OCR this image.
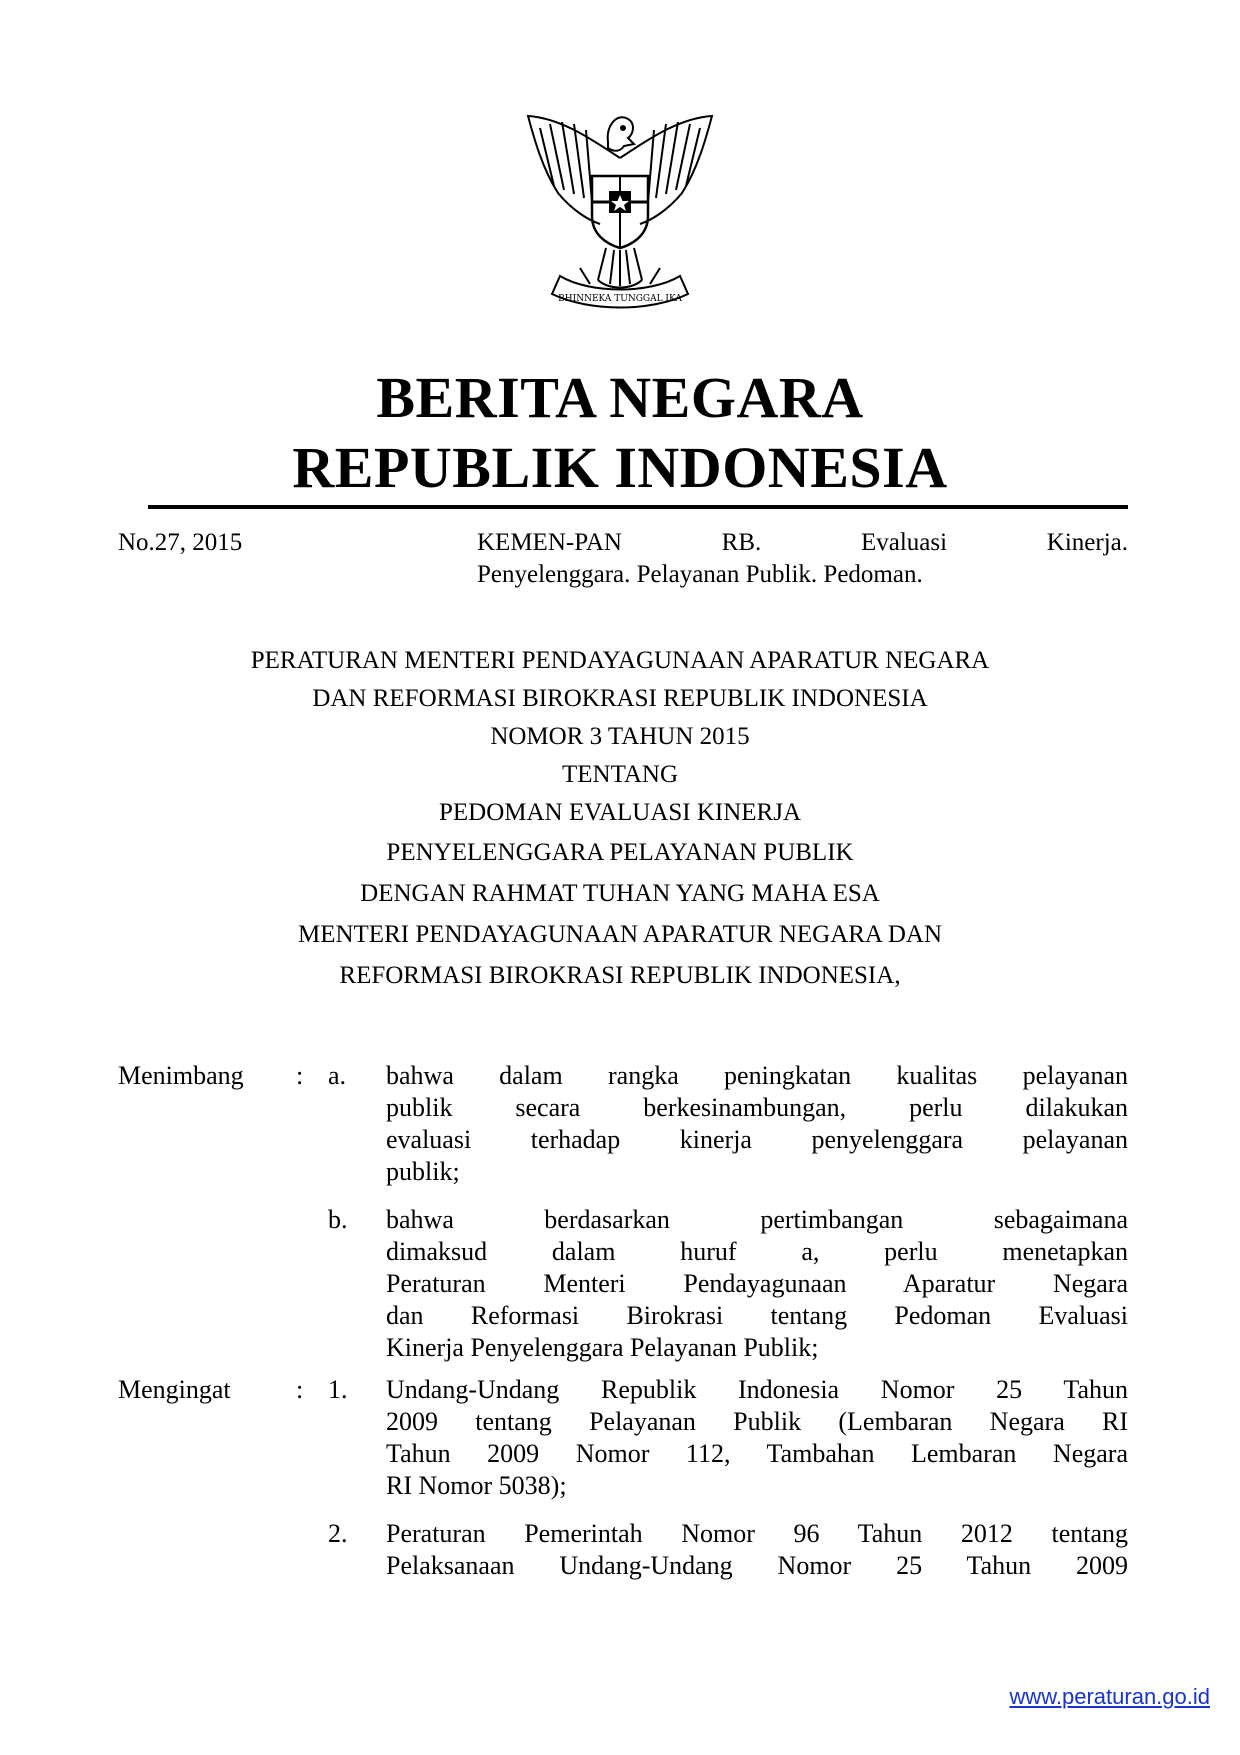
BHINNEKA TUNGGAL IKA
BERITA NEGARA
REPUBLIK INDONESIA
No.27, 2015	KEMEN-PAN	RB.	Evaluasi	Kinerja.
Penyelenggara. Pelayanan Publik. Pedoman.
PERATURAN MENTERI PENDAYAGUNAAN APARATUR NEGARA
DAN REFORMASI BIROKRASI REPUBLIK INDONESIA
NOMOR 3 TAHUN 2015
TENTANG
PEDOMAN EVALUASI KINERJA
PENYELENGGARA PELAYANAN PUBLIK
DENGAN RAHMAT TUHAN YANG MAHA ESA
MENTERI PENDAYAGUNAAN APARATUR NEGARA DAN
REFORMASI BIROKRASI REPUBLIK INDONESIA,
Menimbang : a. bahwa dalam rangka peningkatan kualitas pelayanan
publik secara berkesinambungan, perlu dilakukan
evaluasi terhadap kinerja penyelenggara pelayanan
publik;
b. bahwa berdasarkan pertimbangan sebagaimana
dimaksud dalam huruf a, perlu menetapkan
Peraturan Menteri Pendayagunaan Aparatur Negara
dan Reformasi Birokrasi tentang Pedoman Evaluasi
Kinerja Penyelenggara Pelayanan Publik;
Mengingat	: 1. Undang-Undang Republik Indonesia Nomor 25 Tahun
2009 tentang Pelayanan Publik (Lembaran Negara RI
Tahun 2009 Nomor 112, Tambahan Lembaran Negara
RI Nomor 5038);
2. Peraturan Pemerintah Nomor 96 Tahun 2012 tentang
Pelaksanaan Undang-Undang Nomor 25 Tahun 2009
www.peraturan.go.id
